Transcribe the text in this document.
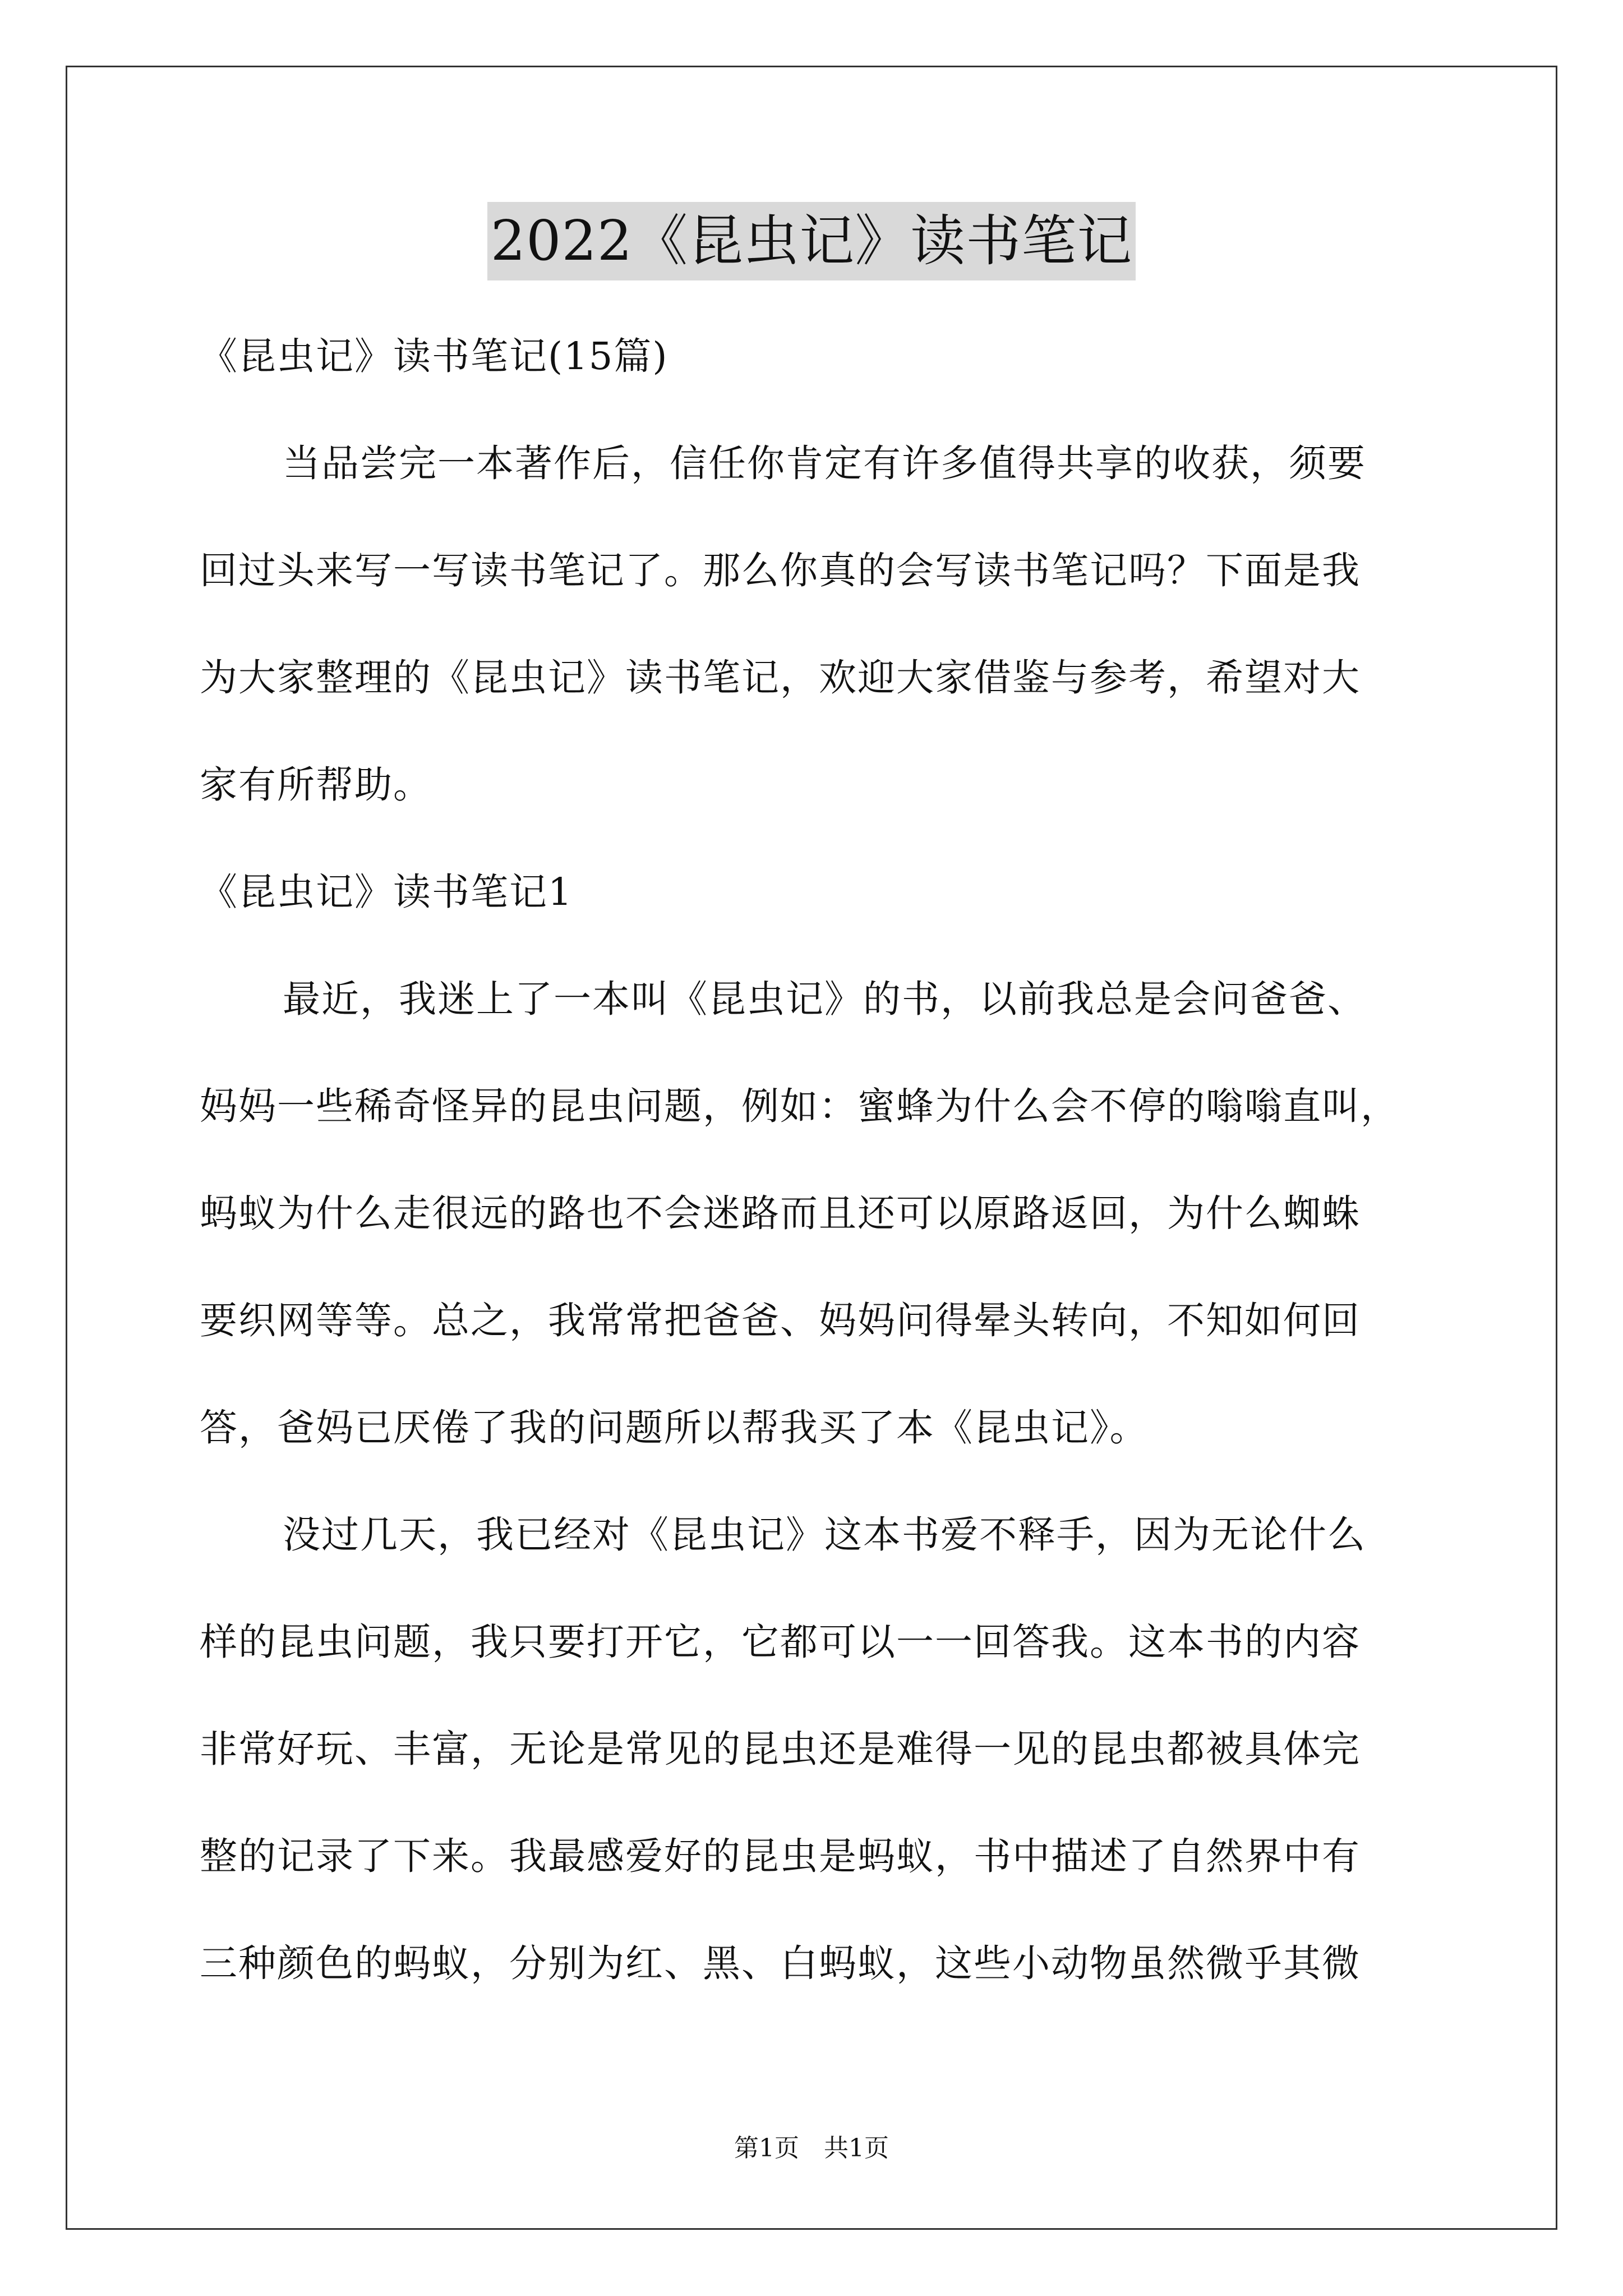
2022《昆虫记》读书笔记
《昆虫记》读书笔记(15篇)
当品尝完一本著作后，信任你肯定有许多值得共享的收获，须要
回过头来写一写读书笔记了。那么你真的会写读书笔记吗？下面是我
为大家整理的《昆虫记》读书笔记，欢迎大家借鉴与参考，希望对大
家有所帮助。
《昆虫记》读书笔记1
最近，我迷上了一本叫《昆虫记》的书，以前我总是会问爸爸、
妈妈一些稀奇怪异的昆虫问题，例如：蜜蜂为什么会不停的嗡嗡直叫，
蚂蚁为什么走很远的路也不会迷路而且还可以原路返回，为什么蜘蛛
要织网等等。总之，我常常把爸爸、妈妈问得晕头转向，不知如何回
答，爸妈已厌倦了我的问题所以帮我买了本《昆虫记》。
没过几天，我已经对《昆虫记》这本书爱不释手，因为无论什么
样的昆虫问题，我只要打开它，它都可以一一回答我。这本书的内容
非常好玩、丰富，无论是常见的昆虫还是难得一见的昆虫都被具体完
整的记录了下来。我最感爱好的昆虫是蚂蚁，书中描述了自然界中有
三种颜色的蚂蚁，分别为红、黑、白蚂蚁，这些小动物虽然微乎其微
第1页　共1页
